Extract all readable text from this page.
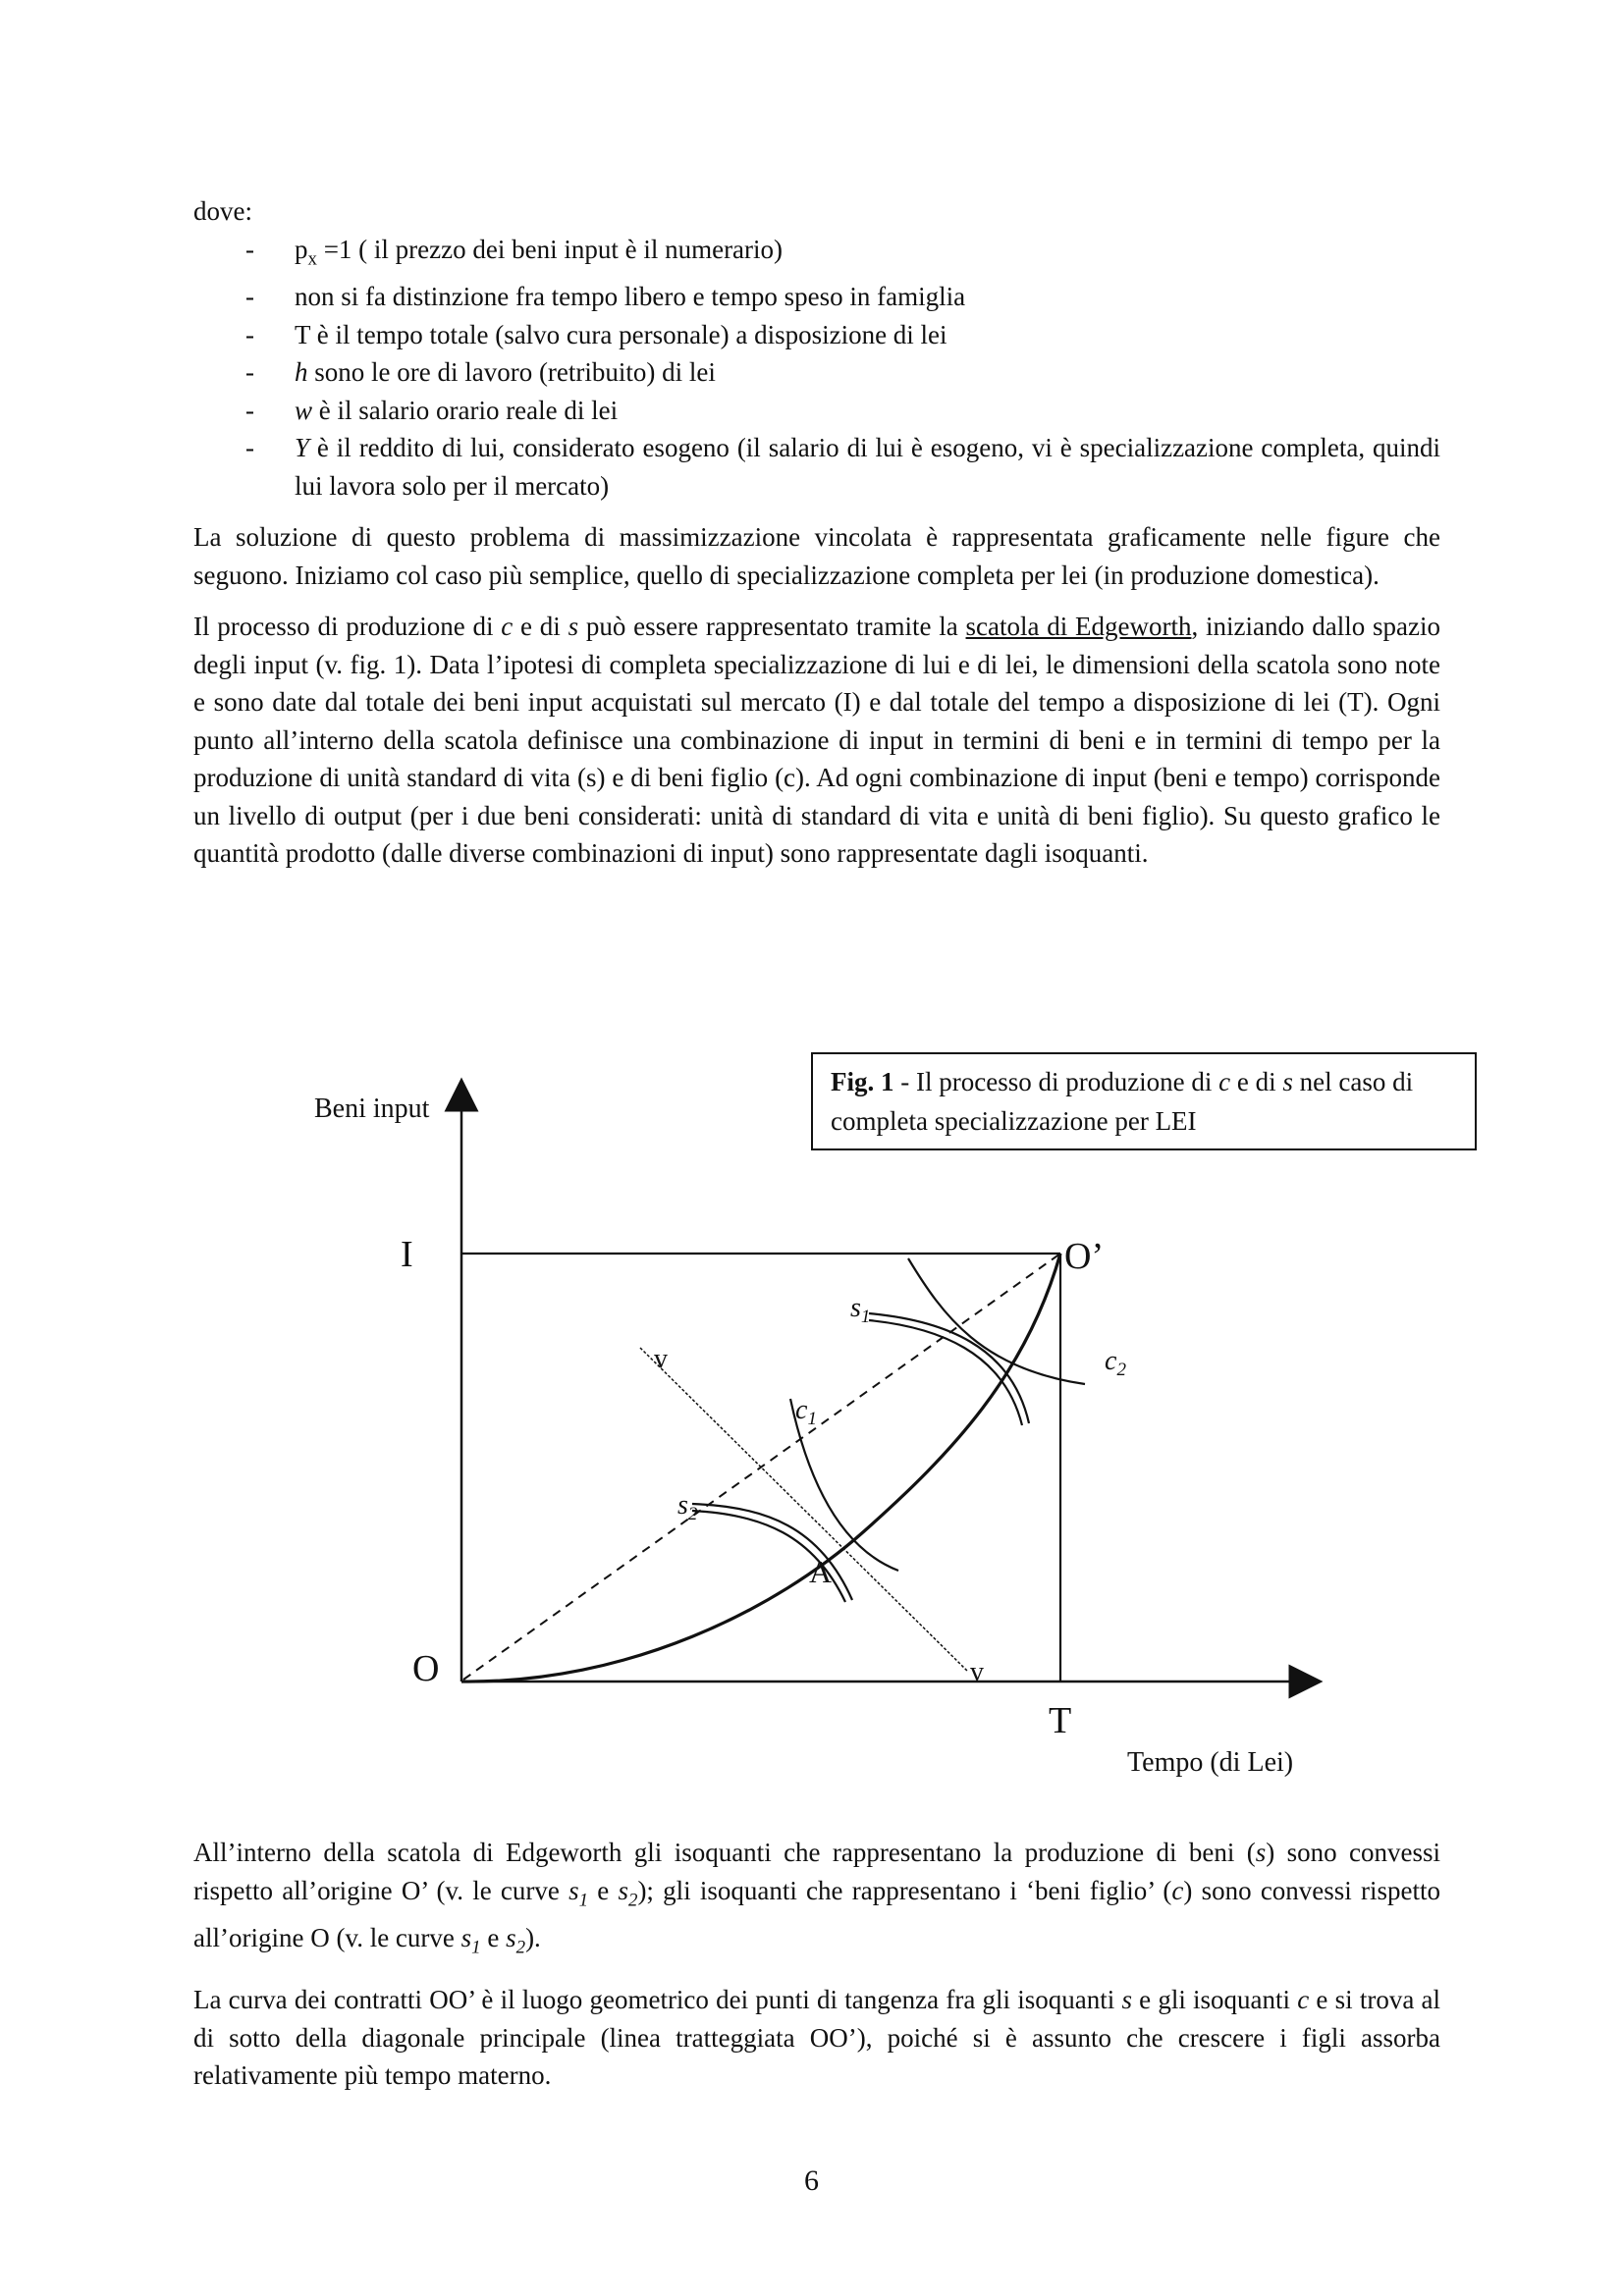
dove:
- $p_x =1$ ( il prezzo dei beni input è il numerario)
- non si fa distinzione fra tempo libero e tempo speso in famiglia
- T è il tempo totale (salvo cura personale) a disposizione di lei
- h sono le ore di lavoro (retribuito) di lei
- w è il salario orario reale di lei
- Y è il reddito di lui, considerato esogeno (il salario di lui è esogeno, vi è specializzazione completa, quindi lui lavora solo per il mercato)

La soluzione di questo problema di massimizzazione vincolata è rappresentata graficamente nelle figure che seguono. Iniziamo col caso più semplice, quello di specializzazione completa per lei (in produzione domestica).

Il processo di produzione di c e di s può essere rappresentato tramite la scatola di Edgeworth, iniziando dallo spazio degli input (v. fig. 1). Data l’ipotesi di completa specializzazione di lui e di lei, le dimensioni della scatola sono note e sono date dal totale dei beni input acquistati sul mercato (I) e dal totale del tempo a disposizione di lei (T). Ogni punto all’interno della scatola definisce una combinazione di input in termini di beni e in termini di tempo per la produzione di unità standard di vita (s) e di beni figlio (c). Ad ogni combinazione di input (beni e tempo) corrisponde un livello di output (per i due beni considerati: unità di standard di vita e unità di beni figlio). Su questo grafico le quantità prodotto (dalle diverse combinazioni di input) sono rappresentate dagli isoquanti.

Fig. 1 - Il processo di produzione di c e di s nel caso di completa specializzazione per LEI
Beni input
Tempo (di Lei)
I
O
O’
T
A
v
v
$s_1$
$s_2$
$c_1$
$c_2$

All’interno della scatola di Edgeworth gli isoquanti che rappresentano la produzione di beni (s) sono convessi rispetto all’origine O’ (v. le curve $s_1$ e $s_2$); gli isoquanti che rappresentano i ‘beni figlio’ (c) sono convessi rispetto all’origine O (v. le curve $s_1$ e $s_2$).

La curva dei contratti OO’ è il luogo geometrico dei punti di tangenza fra gli isoquanti s e gli isoquanti c e si trova al di sotto della diagonale principale (linea tratteggiata OO’), poiché si è assunto che crescere i figli assorba relativamente più tempo materno.

6
